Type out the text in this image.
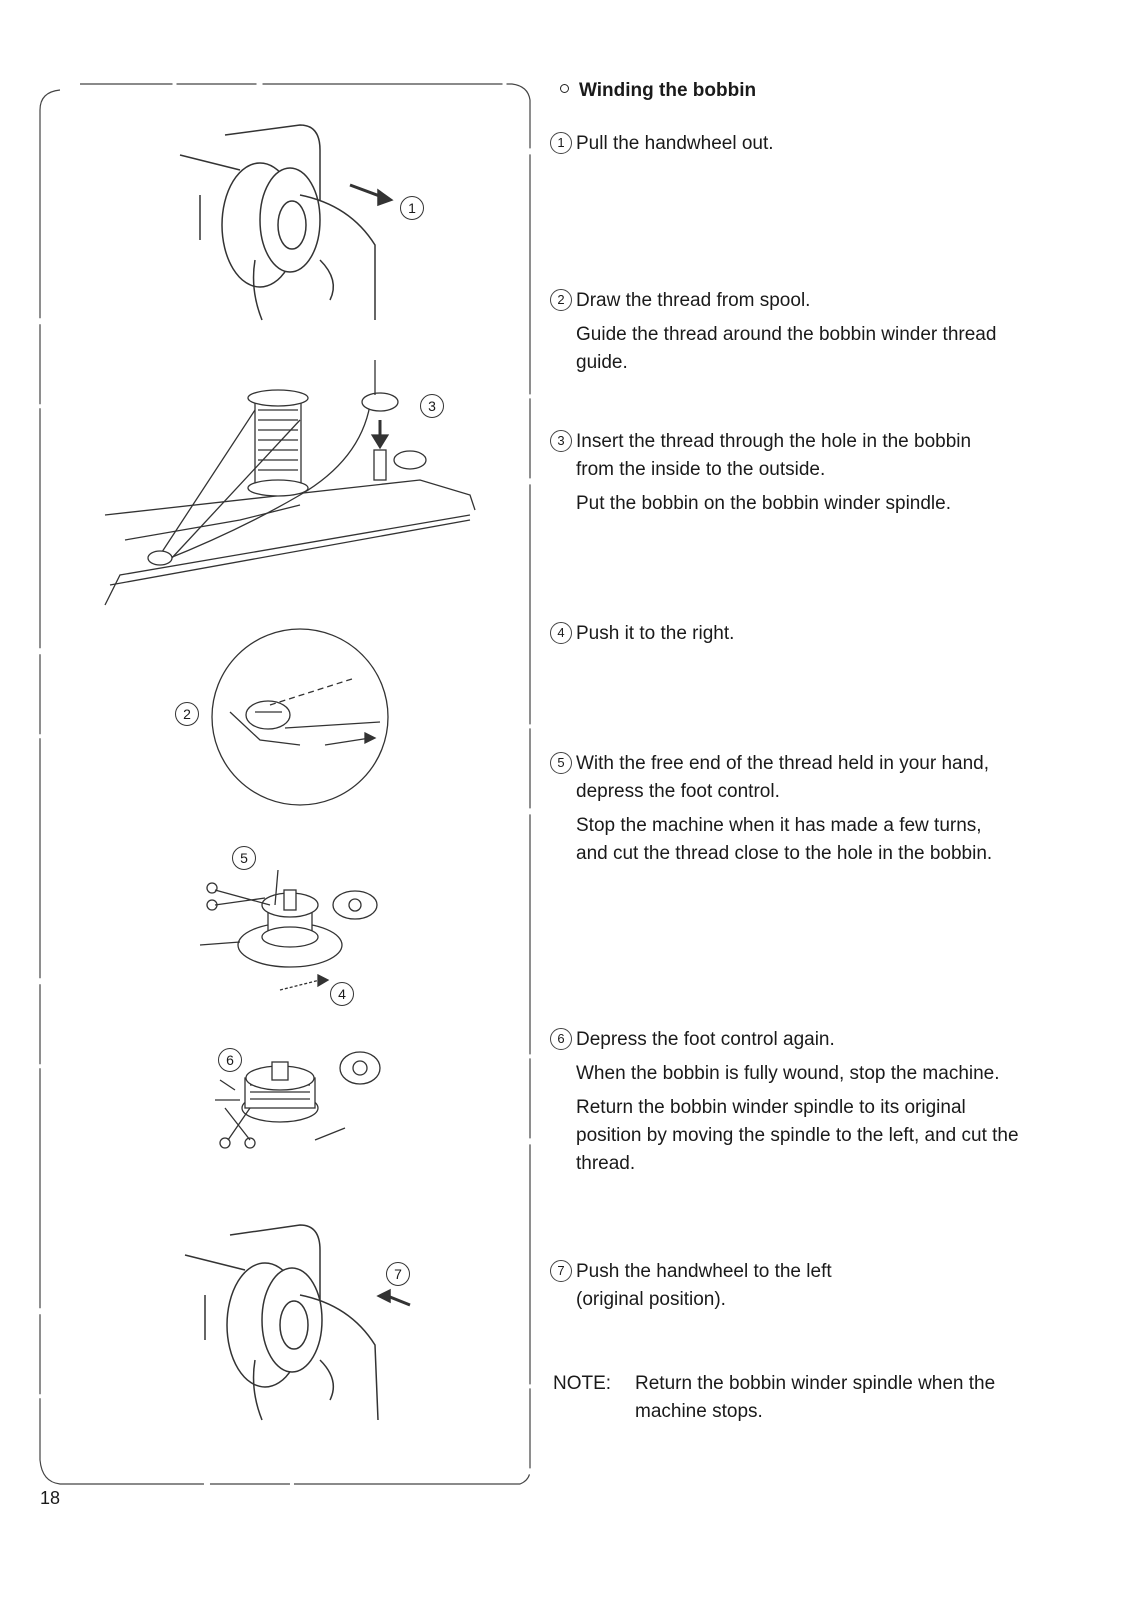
1
3
2
5
4
6
7
Winding the bobbin
1 Pull the handwheel out.
2 Draw the thread from spool.
Guide the thread around the bobbin winder thread guide.
3 Insert the thread through the hole in the bobbin from the inside to the outside.
Put the bobbin on the bobbin winder spindle.
4 Push it to the right.
5 With the free end of the thread held in your hand, depress the foot control.
Stop the machine when it has made a few turns, and cut the thread close to the hole in the bobbin.
6 Depress the foot control again.
When the bobbin is fully wound, stop the machine.
Return the bobbin winder spindle to its original position by moving the spindle to the left, and cut the thread.
7 Push the handwheel to the left (original position).
NOTE: Return the bobbin winder spindle when the machine stops.
18
